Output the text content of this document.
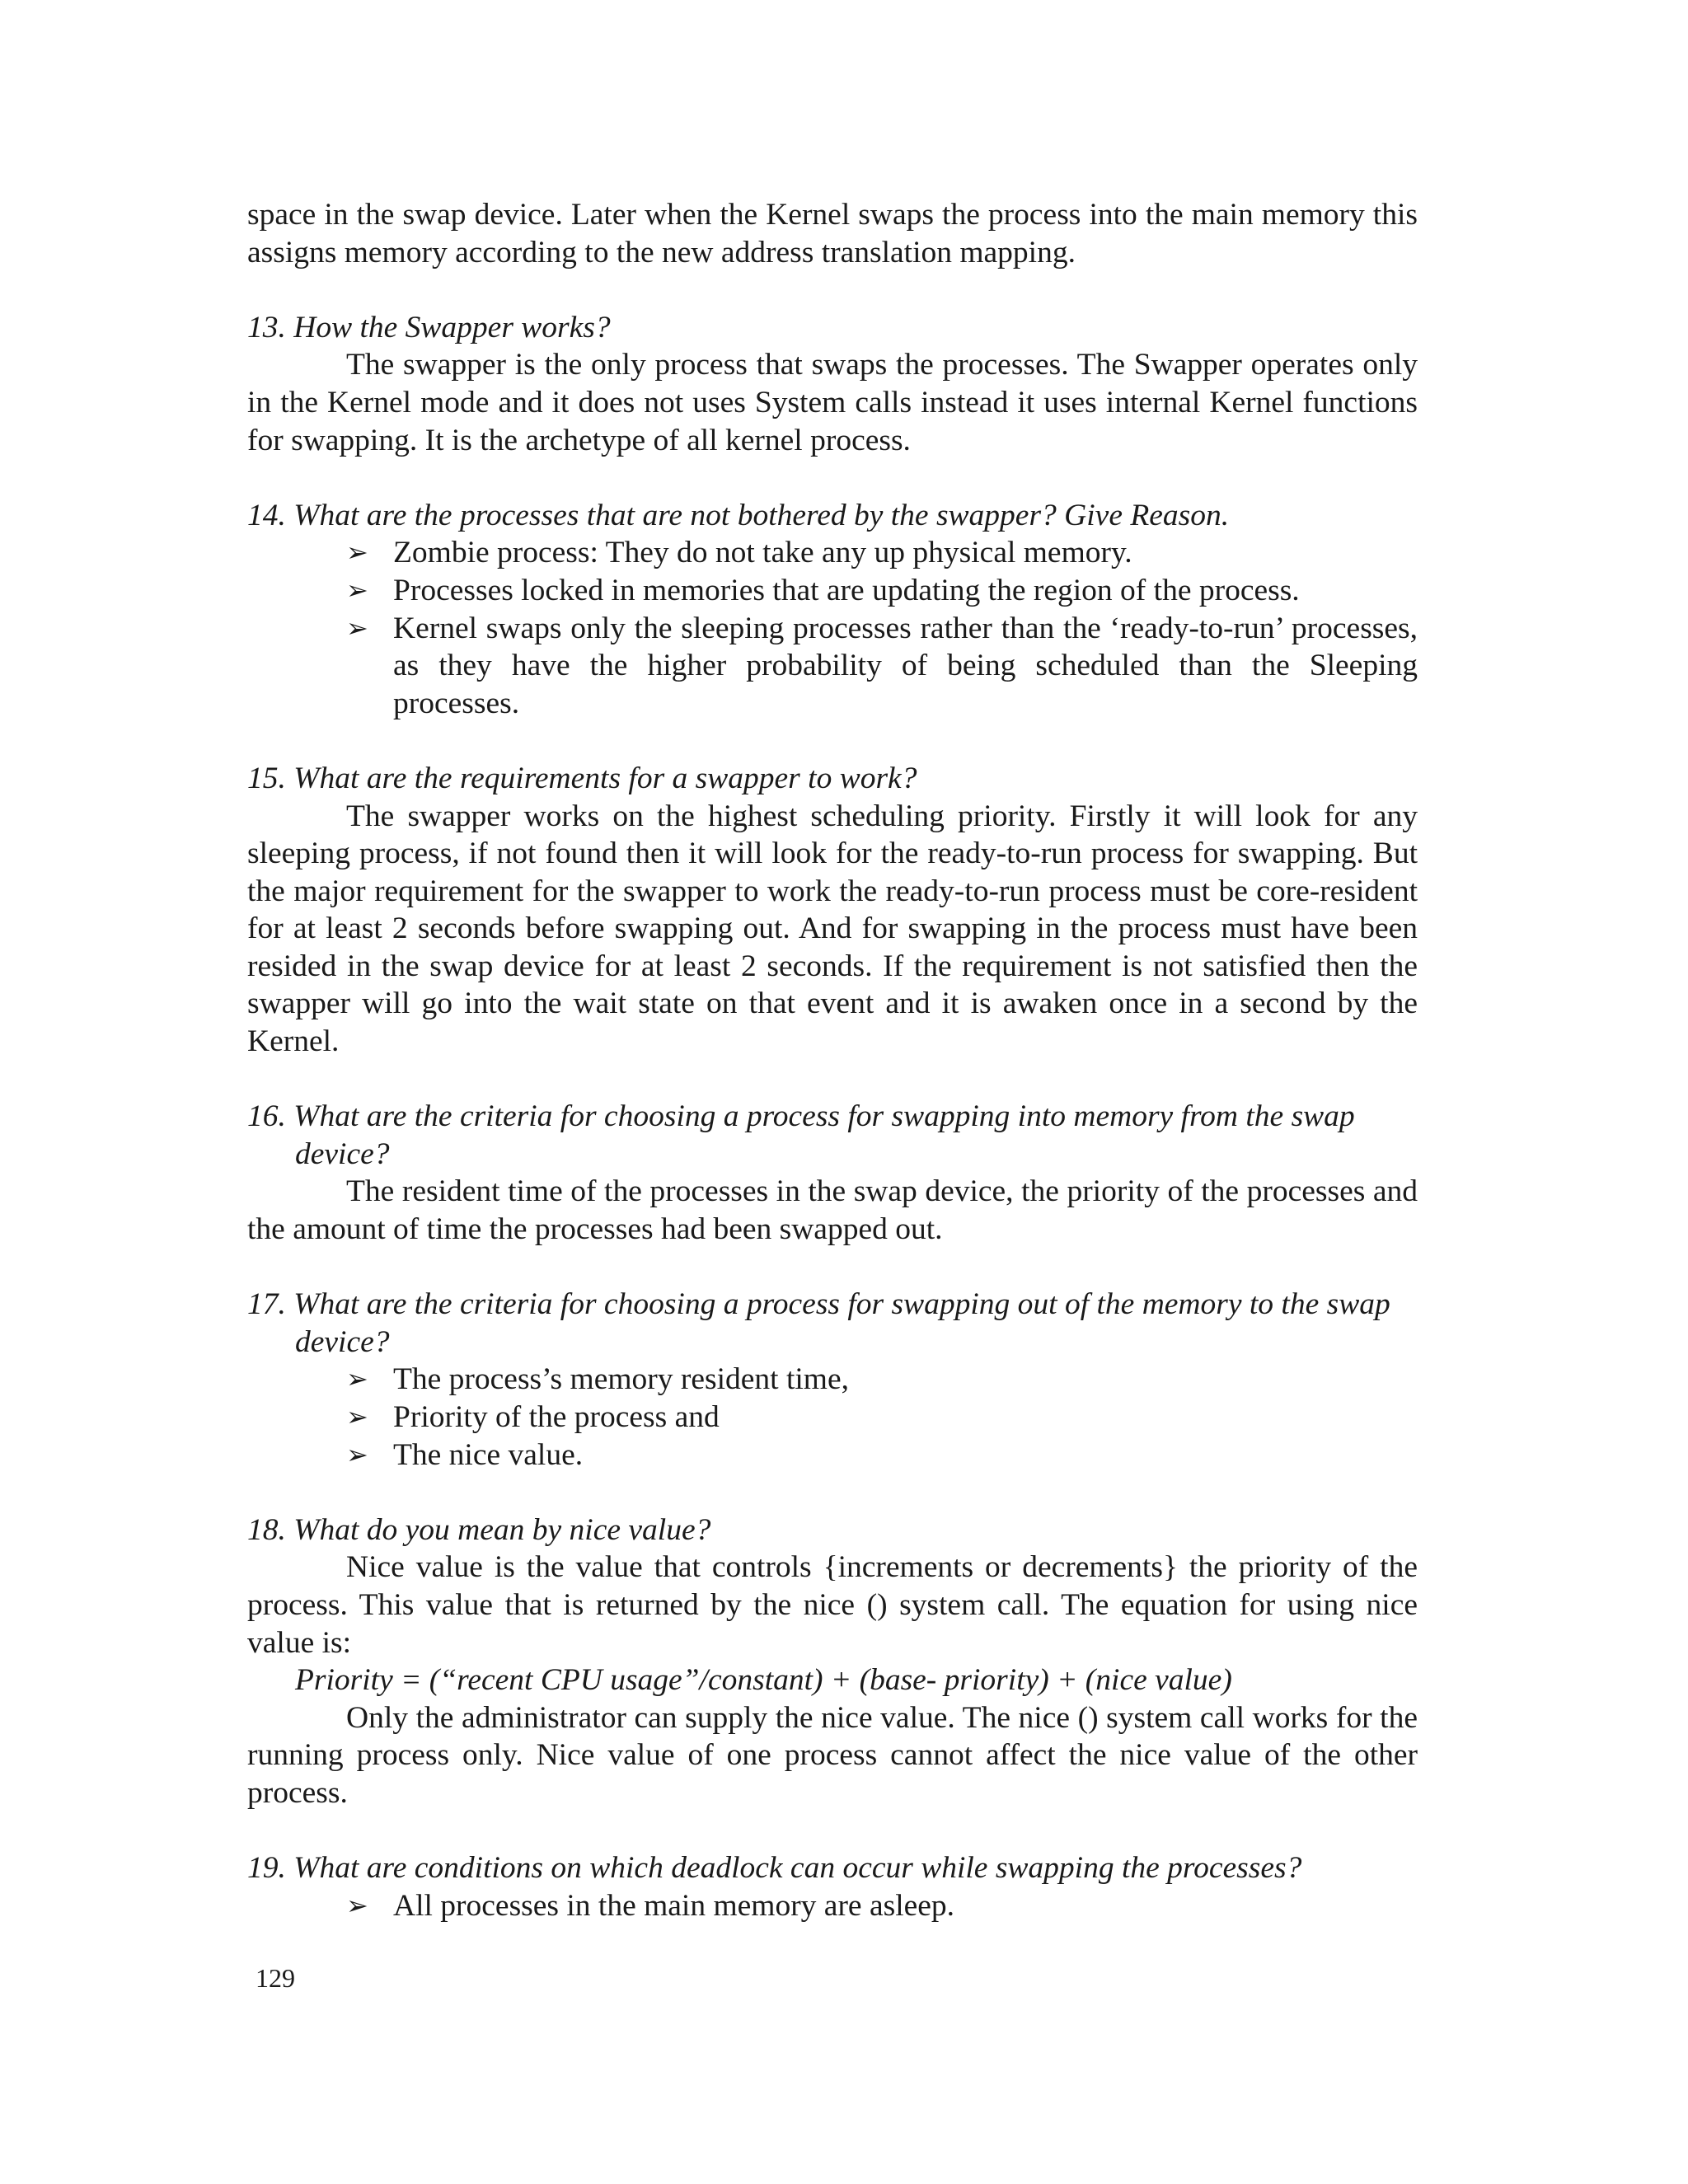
space in the swap device. Later when the Kernel swaps the process into the main memory this assigns memory according to the new address translation mapping.

13. How the Swapper works?

The swapper is the only process that swaps the processes. The Swapper operates only in the Kernel mode and it does not uses System calls instead it uses internal Kernel functions for swapping. It is the archetype of all kernel process.

14. What are the processes that are not bothered by the swapper? Give Reason.

➢ Zombie process: They do not take any up physical memory.
➢ Processes locked in memories that are updating the region of the process.
➢ Kernel swaps only the sleeping processes rather than the ‘ready-to-run’ processes, as they have the higher probability of being scheduled than the Sleeping processes.

15. What are the requirements for a swapper to work?

The swapper works on the highest scheduling priority. Firstly it will look for any sleeping process, if not found then it will look for the ready-to-run process for swapping. But the major requirement for the swapper to work the ready-to-run process must be core-resident for at least 2 seconds before swapping out. And for swapping in the process must have been resided in the swap device for at least 2 seconds. If the requirement is not satisfied then the swapper will go into the wait state on that event and it is awaken once in a second by the Kernel.

16. What are the criteria for choosing a process for swapping into memory from the swap device?

The resident time of the processes in the swap device, the priority of the processes and the amount of time the processes had been swapped out.

17. What are the criteria for choosing a process for swapping out of the memory to the swap device?

➢ The process’s memory resident time,
➢ Priority of the process and
➢ The nice value.

18. What do you mean by nice value?

Nice value is the value that controls {increments or decrements} the priority of the process. This value that is returned by the nice () system call. The equation for using nice value is:

Priority = (“recent CPU usage”/constant) + (base- priority) + (nice value)

Only the administrator can supply the nice value. The nice () system call works for the running process only. Nice value of one process cannot affect the nice value of the other process.

19. What are conditions on which deadlock can occur while swapping the processes?

➢ All processes in the main memory are asleep.
129
